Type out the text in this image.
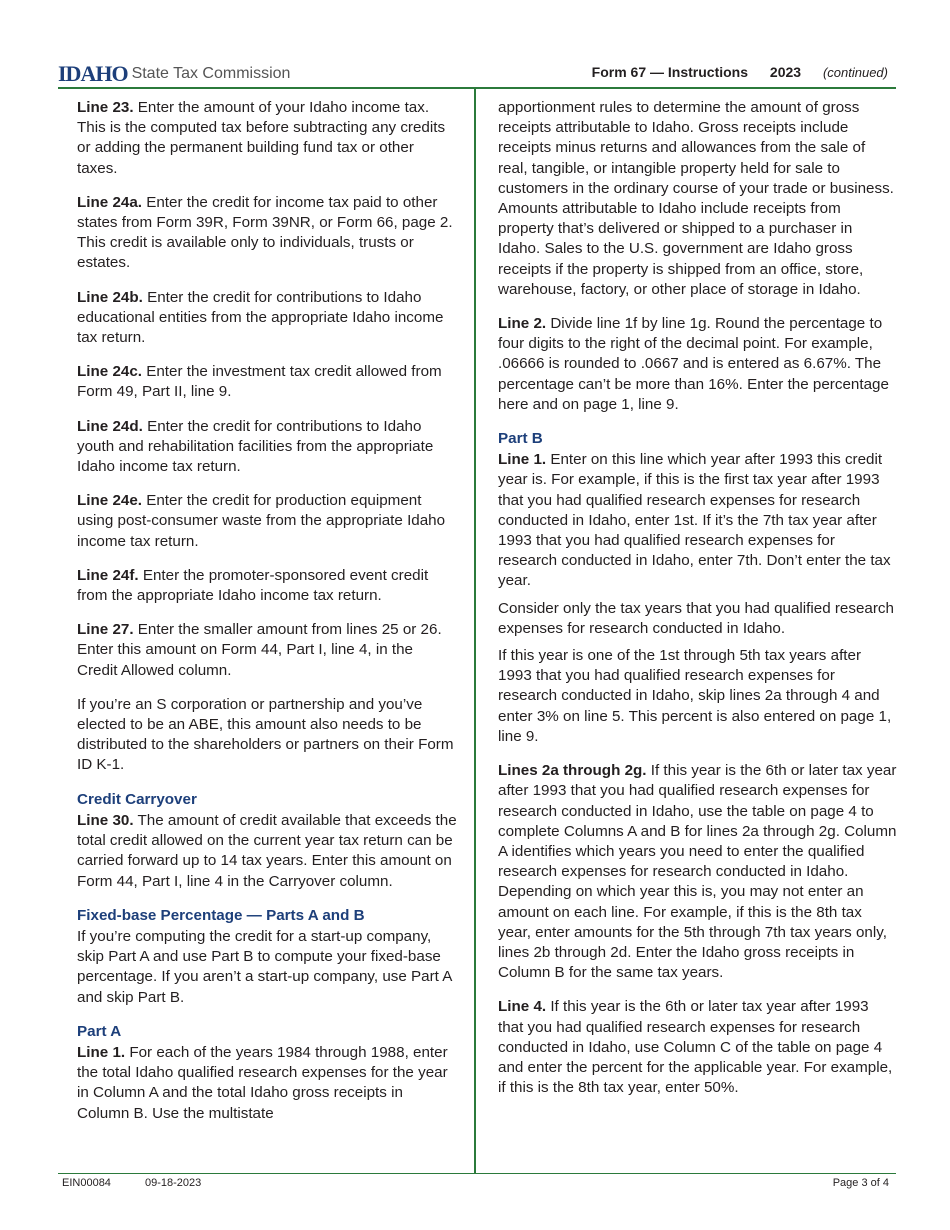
IDAHO State Tax Commission	Form 67 — Instructions 2023 (continued)

Line 23. Enter the amount of your Idaho income tax. This is the computed tax before subtracting any credits or adding the permanent building fund tax or other taxes.

Line 24a. Enter the credit for income tax paid to other states from Form 39R, Form 39NR, or Form 66, page 2. This credit is available only to individuals, trusts or estates.

Line 24b. Enter the credit for contributions to Idaho educational entities from the appropriate Idaho income tax return.

Line 24c. Enter the investment tax credit allowed from Form 49, Part II, line 9.

Line 24d. Enter the credit for contributions to Idaho youth and rehabilitation facilities from the appropriate Idaho income tax return.

Line 24e. Enter the credit for production equipment using post-consumer waste from the appropriate Idaho income tax return.

Line 24f. Enter the promoter-sponsored event credit from the appropriate Idaho income tax return.

Line 27. Enter the smaller amount from lines 25 or 26. Enter this amount on Form 44, Part I, line 4, in the Credit Allowed column.

If you’re an S corporation or partnership and you’ve elected to be an ABE, this amount also needs to be distributed to the shareholders or partners on their Form ID K-1.

Credit Carryover

Line 30. The amount of credit available that exceeds the total credit allowed on the current year tax return can be carried forward up to 14 tax years. Enter this amount on Form 44, Part I, line 4 in the Carryover column.

Fixed-base Percentage — Parts A and B

If you’re computing the credit for a start-up company, skip Part A and use Part B to compute your fixed-base percentage. If you aren’t a start-up company, use Part A and skip Part B.

Part A

Line 1. For each of the years 1984 through 1988, enter the total Idaho qualified research expenses for the year in Column A and the total Idaho gross receipts in Column B. Use the multistate

apportionment rules to determine the amount of gross receipts attributable to Idaho. Gross receipts include receipts minus returns and allowances from the sale of real, tangible, or intangible property held for sale to customers in the ordinary course of your trade or business. Amounts attributable to Idaho include receipts from property that’s delivered or shipped to a purchaser in Idaho. Sales to the U.S. government are Idaho gross receipts if the property is shipped from an office, store, warehouse, factory, or other place of storage in Idaho.

Line 2. Divide line 1f by line 1g. Round the percentage to four digits to the right of the decimal point. For example, .06666 is rounded to .0667 and is entered as 6.67%. The percentage can’t be more than 16%. Enter the percentage here and on page 1, line 9.

Part B

Line 1. Enter on this line which year after 1993 this credit year is. For example, if this is the first tax year after 1993 that you had qualified research expenses for research conducted in Idaho, enter 1st. If it’s the 7th tax year after 1993 that you had qualified research expenses for research conducted in Idaho, enter 7th. Don’t enter the tax year.

Consider only the tax years that you had qualified research expenses for research conducted in Idaho.

If this year is one of the 1st through 5th tax years after 1993 that you had qualified research expenses for research conducted in Idaho, skip lines 2a through 4 and enter 3% on line 5. This percent is also entered on page 1, line 9.

Lines 2a through 2g. If this year is the 6th or later tax year after 1993 that you had qualified research expenses for research conducted in Idaho, use the table on page 4 to complete Columns A and B for lines 2a through 2g. Column A identifies which years you need to enter the qualified research expenses for research conducted in Idaho. Depending on which year this is, you may not enter an amount on each line. For example, if this is the 8th tax year, enter amounts for the 5th through 7th tax years only, lines 2b through 2d. Enter the Idaho gross receipts in Column B for the same tax years.

Line 4. If this year is the 6th or later tax year after 1993 that you had qualified research expenses for research conducted in Idaho, use Column C of the table on page 4 and enter the percent for the applicable year. For example, if this is the 8th tax year, enter 50%.

EIN00084	09-18-2023	Page 3 of 4
